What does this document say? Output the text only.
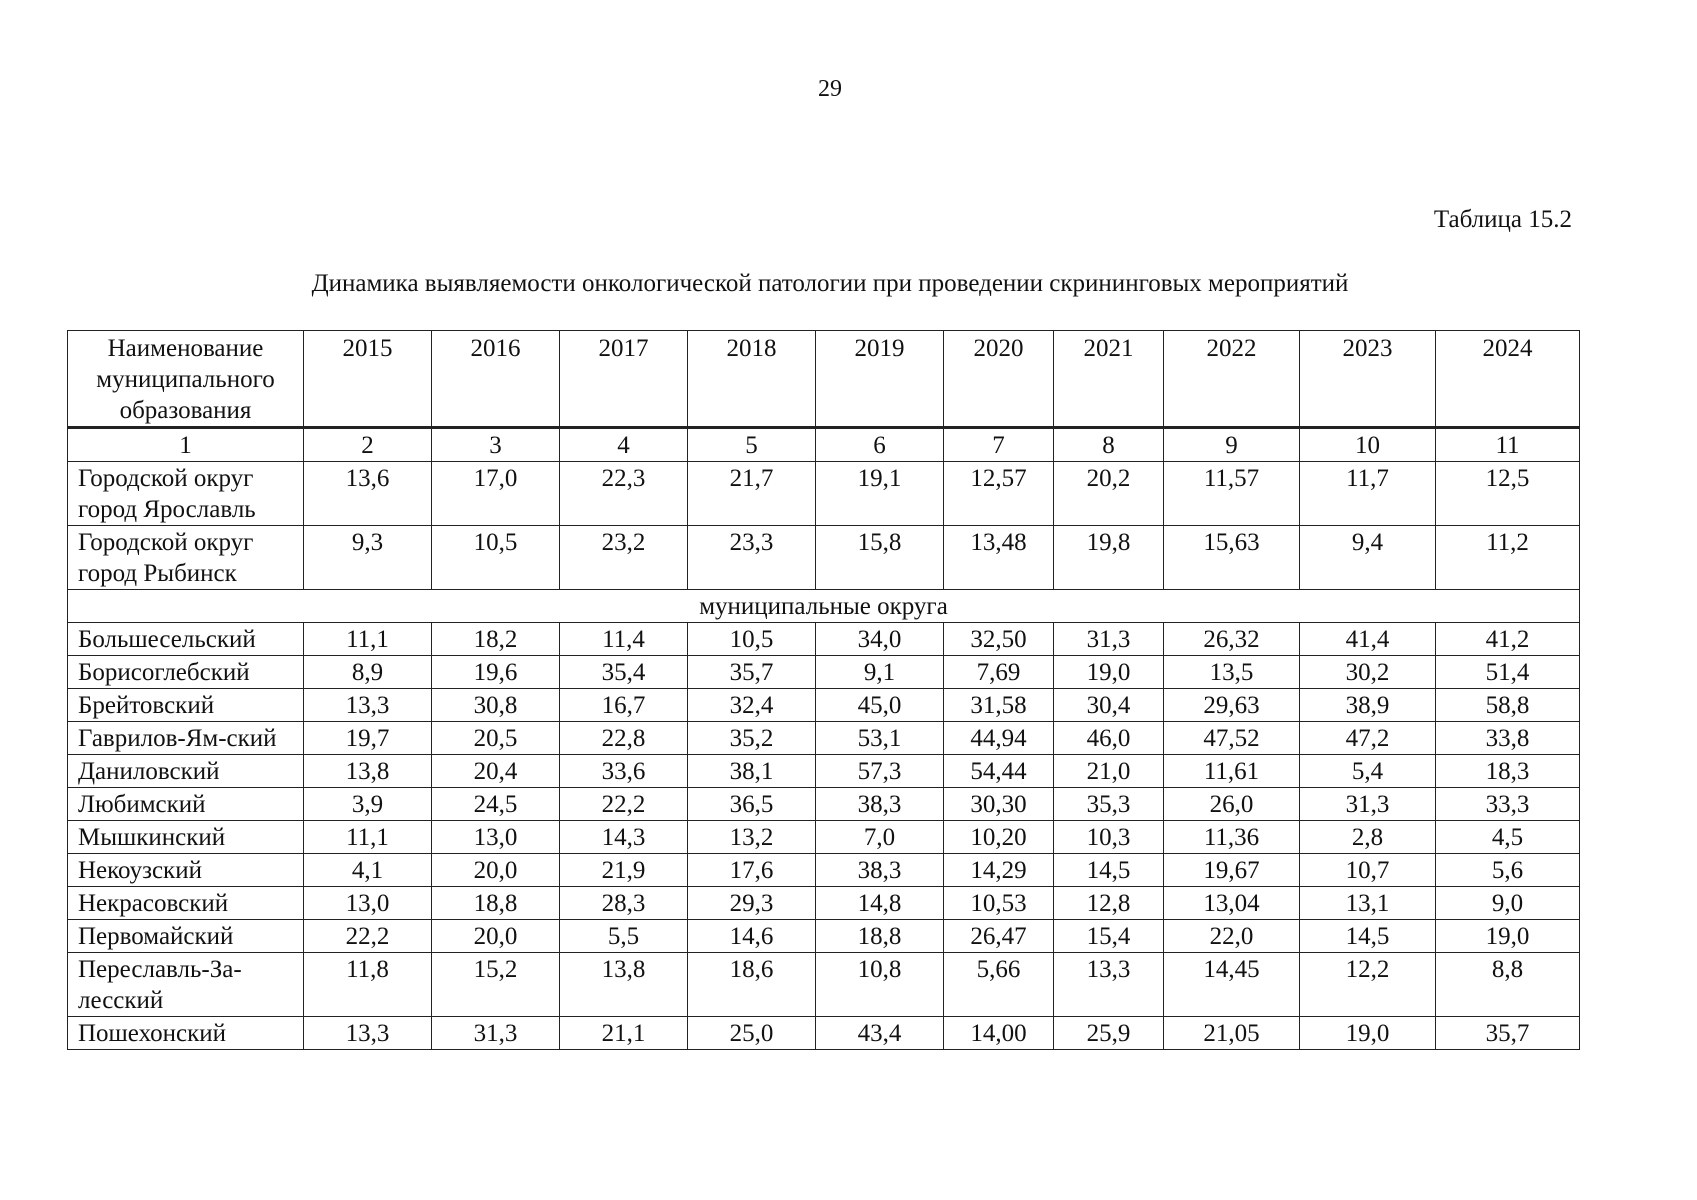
29
Таблица 15.2
Динамика выявляемости онкологической патологии при проведении скрининговых мероприятий
Наименование муниципального образования	2015	2016	2017	2018	2019	2020	2021	2022	2023	2024
1	2	3	4	5	6	7	8	9	10	11
Городской округ город Ярославль	13,6	17,0	22,3	21,7	19,1	12,57	20,2	11,57	11,7	12,5
Городской округ город Рыбинск	9,3	10,5	23,2	23,3	15,8	13,48	19,8	15,63	9,4	11,2
муниципальные округа										
Большесельский	11,1	18,2	11,4	10,5	34,0	32,50	31,3	26,32	41,4	41,2
Борисоглебский	8,9	19,6	35,4	35,7	9,1	7,69	19,0	13,5	30,2	51,4
Брейтовский	13,3	30,8	16,7	32,4	45,0	31,58	30,4	29,63	38,9	58,8
Гаврилов-Ям-ский	19,7	20,5	22,8	35,2	53,1	44,94	46,0	47,52	47,2	33,8
Даниловский	13,8	20,4	33,6	38,1	57,3	54,44	21,0	11,61	5,4	18,3
Любимский	3,9	24,5	22,2	36,5	38,3	30,30	35,3	26,0	31,3	33,3
Мышкинский	11,1	13,0	14,3	13,2	7,0	10,20	10,3	11,36	2,8	4,5
Некоузский	4,1	20,0	21,9	17,6	38,3	14,29	14,5	19,67	10,7	5,6
Некрасовский	13,0	18,8	28,3	29,3	14,8	10,53	12,8	13,04	13,1	9,0
Первомайский	22,2	20,0	5,5	14,6	18,8	26,47	15,4	22,0	14,5	19,0
Переславль-За-лесский	11,8	15,2	13,8	18,6	10,8	5,66	13,3	14,45	12,2	8,8
Пошехонский	13,3	31,3	21,1	25,0	43,4	14,00	25,9	21,05	19,0	35,7
